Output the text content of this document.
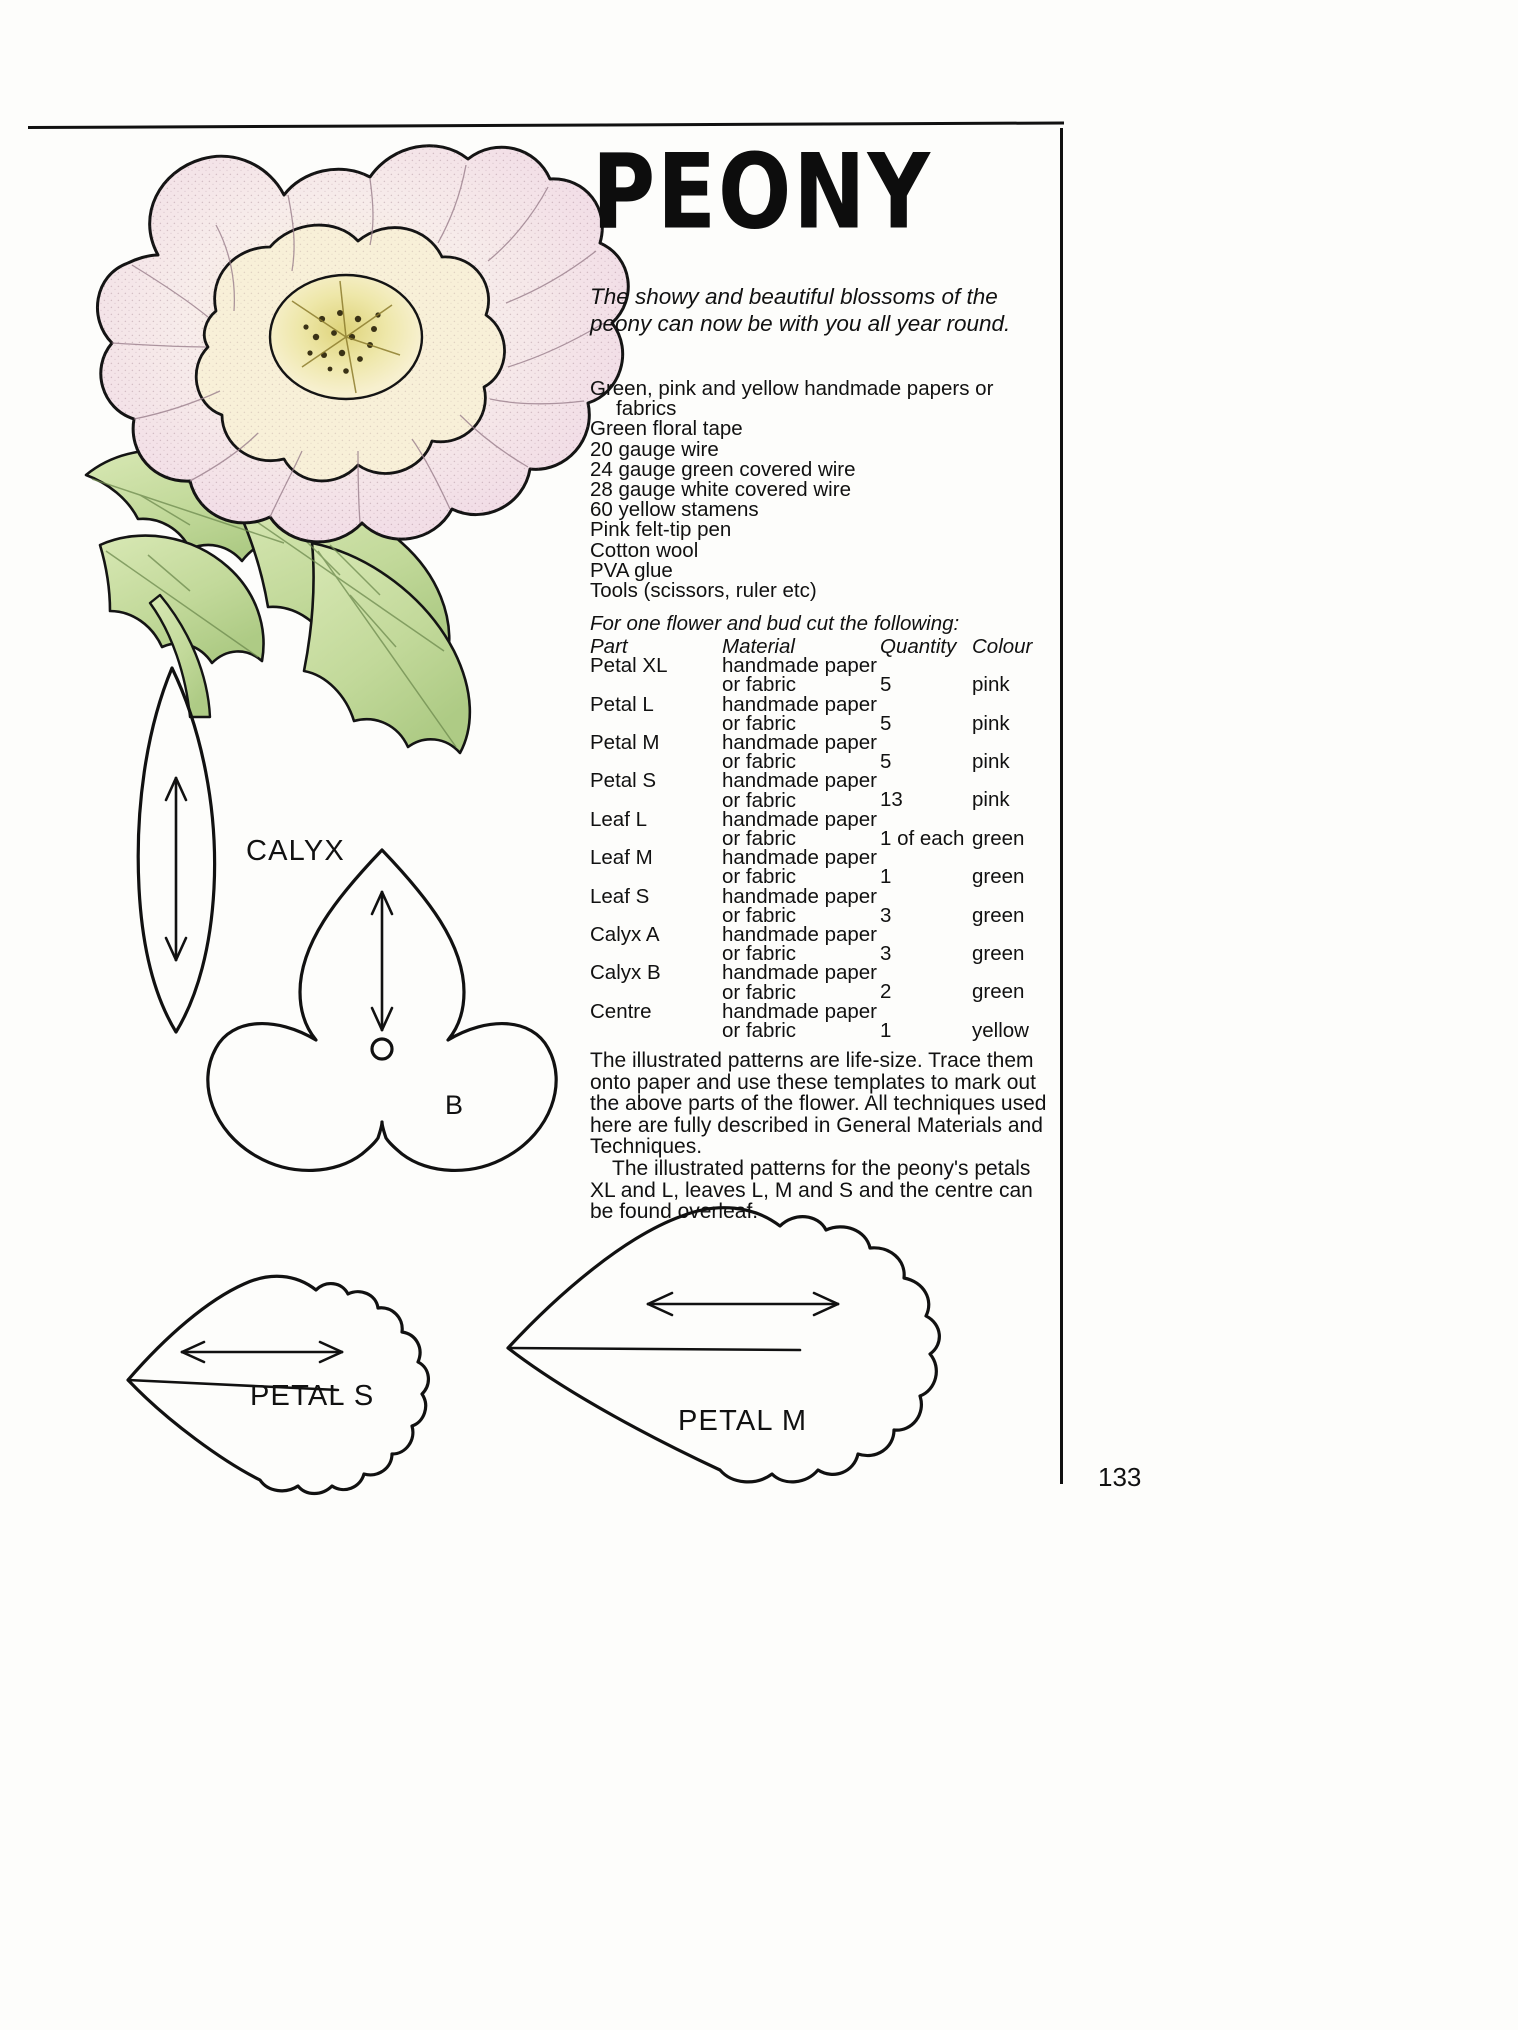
PEONY
The showy and beautiful blossoms of the peony can now be with you all year round.
Green, pink and yellow handmade papers or
fabrics
Green floral tape
20 gauge wire
24 gauge green covered wire
28 gauge white covered wire
60 yellow stamens
Pink felt-tip pen
Cotton wool
PVA glue
Tools (scissors, ruler etc)
For one flower and bud cut the following:
Part	Material	Quantity	Colour
Petal XL	handmade paper
or fabric	5	pink
Petal L	handmade paper
or fabric	5	pink
Petal M	handmade paper
or fabric	5	pink
Petal S	handmade paper
or fabric	13	pink
Leaf L	handmade paper
or fabric	1 of each	green
Leaf M	handmade paper
or fabric	1	green
Leaf S	handmade paper
or fabric	3	green
Calyx A	handmade paper
or fabric	3	green
Calyx B	handmade paper
or fabric	2	green
Centre	handmade paper
or fabric	1	yellow

The illustrated patterns are life-size. Trace them onto paper and use these templates to mark out the above parts of the flower. All techniques used here are fully described in General Materials and Techniques.

The illustrated patterns for the peony's petals XL and L, leaves L, M and S and the centre can be found overleaf.

133
CALYX
B
PETAL S
PETAL M
